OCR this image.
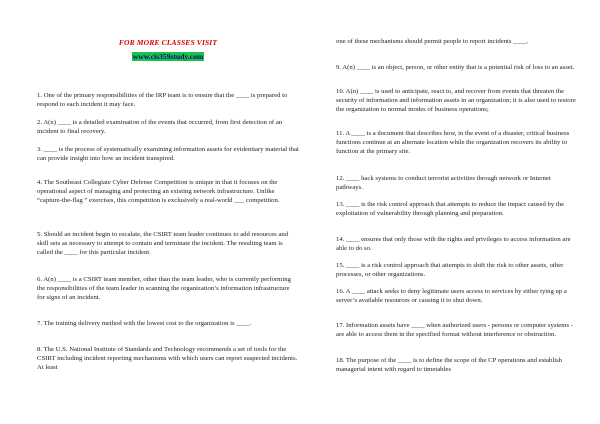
FOR MORE CLASSES VISIT
www.cis359study.com

1. One of the primary responsibilities of the IRP team is to ensure that the ____ is prepared to respond to each incident it may face.

2. A(n) ____ is a detailed examination of the events that occurred, from first detection of an incident to final recovery.

3. ____ is the process of systematically examining information assets for evidentiary material that can provide insight into how an incident transpired.

4. The Southeast Collegiate Cyber Defense Competition is unique in that it focuses on the operational aspect of managing and protecting an existing network infrastructure. Unlike “capture-the-flag ” exercises, this competition is exclusively a real-world ___ competition.

5. Should an incident begin to escalate, the CSIRT team leader continues to add resources and skill sets as necessary to attempt to contain and terminate the incident. The resulting team is called the ____ for this particular incident.

6. A(n) ____ is a CSIRT team member, other than the team leader, who is currently performing the responsibilities of the team leader in scanning the organization’s information infrastructure for signs of an incident.

7. The training delivery method with the lowest cost to the organization is ____.

8. The U.S. National Institute of Standards and Technology recommends a set of tools for the CSIRT including incident reporting mechanisms with which users can report suspected incidents. At least

one of these mechanisms should permit people to report incidents ____.

9. A(n) ____ is an object, person, or other entity that is a potential risk of loss to an asset.

10. A(n) ____ is used to anticipate, react to, and recover from events that threaten the security of information and information assets in an organization; it is also used to restore the organization to normal modes of business operations;

11. A ____ is a document that describes how, in the event of a disaster, critical business functions continue at an alternate location while the organization recovers its ability to function at the primary site.

12. ____ hack systems to conduct terrorist activities through network or Internet pathways.

13. ____ is the risk control approach that attempts to reduce the impact caused by the exploitation of vulnerability through planning and preparation.

14. ____ ensures that only those with the rights and privileges to access information are able to do so.

15. ____ is a risk control approach that attempts to shift the risk to other assets, other processes, or other organizations.

16. A ____ attack seeks to deny legitimate users access to services by either tying up a server’s available resources or causing it to shut down.

17. Information assets have ____ when authorized users - persons or computer systems - are able to access them in the specified format without interference or obstruction.

18. The purpose of the ____ is to define the scope of the CP operations and establish managerial intent with regard to timetables
